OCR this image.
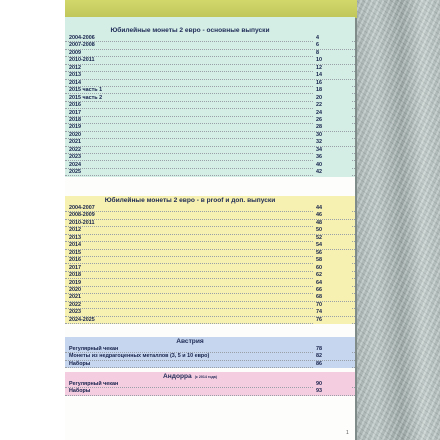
Юбилейные монеты 2 евро - основные выпуски
2004-2006	4
2007-2008	6
2009	8
2010-2011	10
2012	12
2013	14
2014	16
2015 часть 1	18
2015 часть 2	20
2016	22
2017	24
2018	26
2019	28
2020	30
2021	32
2022	34
2023	36
2024	40
2025	42
Юбилейные монеты 2 евро - в proof и доп. выпуски
2004-2007	44
2008-2009	46
2010-2011	48
2012	50
2013	52
2014	54
2015	56
2016	58
2017	60
2018	62
2019	64
2020	66
2021	68
2022	70
2023	74
2024-2025	76
Австрия
Регулярный чекан	78
Монеты из недрагоценных металлов (3, 5 и 10 евро)	82
Наборы	86
Андорра (с 2014 года)
Регулярный чекан	90
Наборы	93
1
